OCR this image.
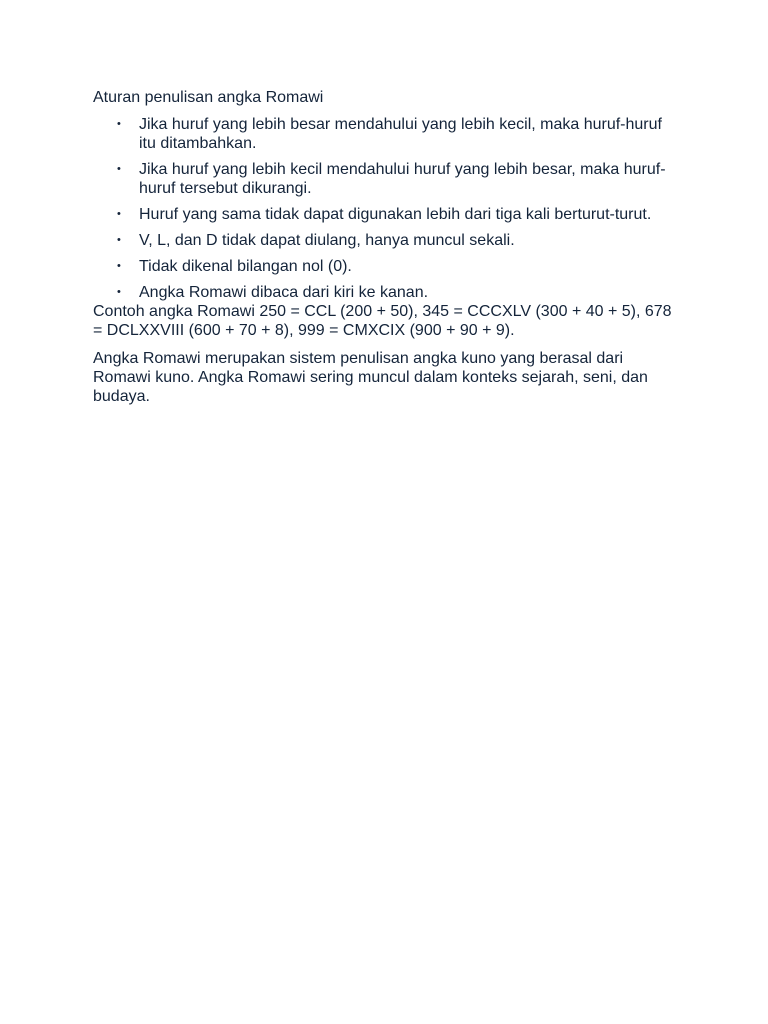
Aturan penulisan angka Romawi

• Jika huruf yang lebih besar mendahului yang lebih kecil, maka huruf-huruf itu ditambahkan.
• Jika huruf yang lebih kecil mendahului huruf yang lebih besar, maka huruf-huruf tersebut dikurangi.
• Huruf yang sama tidak dapat digunakan lebih dari tiga kali berturut-turut.
• V, L, dan D tidak dapat diulang, hanya muncul sekali.
• Tidak dikenal bilangan nol (0).
• Angka Romawi dibaca dari kiri ke kanan.

Contoh angka Romawi 250 = CCL (200 + 50), 345 = CCCXLV (300 + 40 + 5), 678 = DCLXXVIII (600 + 70 + 8), 999 = CMXCIX (900 + 90 + 9).

Angka Romawi merupakan sistem penulisan angka kuno yang berasal dari Romawi kuno. Angka Romawi sering muncul dalam konteks sejarah, seni, dan budaya.
